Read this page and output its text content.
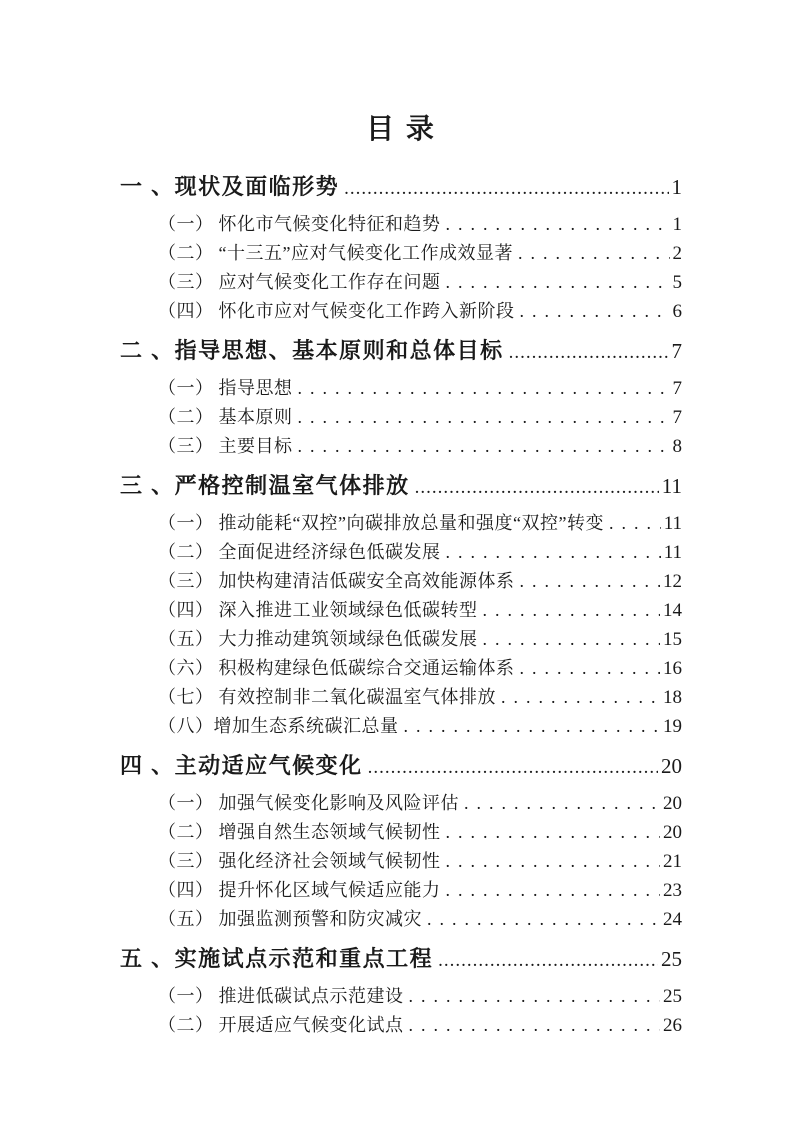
目 录
一 、现状及面临形势 .....	1
（一） 怀化市气候变化特征和趋势 .....	1
（二） “十三五”应对气候变化工作成效显著 .....	2
（三） 应对气候变化工作存在问题 .....	5
（四） 怀化市应对气候变化工作跨入新阶段 .....	6
二 、指导思想、基本原则和总体目标 .....	7
（一） 指导思想 .....	7
（二） 基本原则 .....	7
（三） 主要目标 .....	8
三 、严格控制温室气体排放 .....	11
（一） 推动能耗“双控”向碳排放总量和强度“双控”转变 .....	11
（二） 全面促进经济绿色低碳发展 .....	11
（三） 加快构建清洁低碳安全高效能源体系 .....	12
（四） 深入推进工业领域绿色低碳转型 .....	14
（五） 大力推动建筑领域绿色低碳发展 .....	15
（六） 积极构建绿色低碳综合交通运输体系 .....	16
（七） 有效控制非二氧化碳温室气体排放 .....	18
（八）增加生态系统碳汇总量 .....	19
四 、主动适应气候变化 .....	20
（一） 加强气候变化影响及风险评估 .....	20
（二） 增强自然生态领域气候韧性 .....	20
（三） 强化经济社会领域气候韧性 .....	21
（四） 提升怀化区域气候适应能力 .....	23
（五） 加强监测预警和防灾减灾 .....	24
五 、实施试点示范和重点工程 .....	25
（一） 推进低碳试点示范建设 .....	25
（二） 开展适应气候变化试点 .....	26
